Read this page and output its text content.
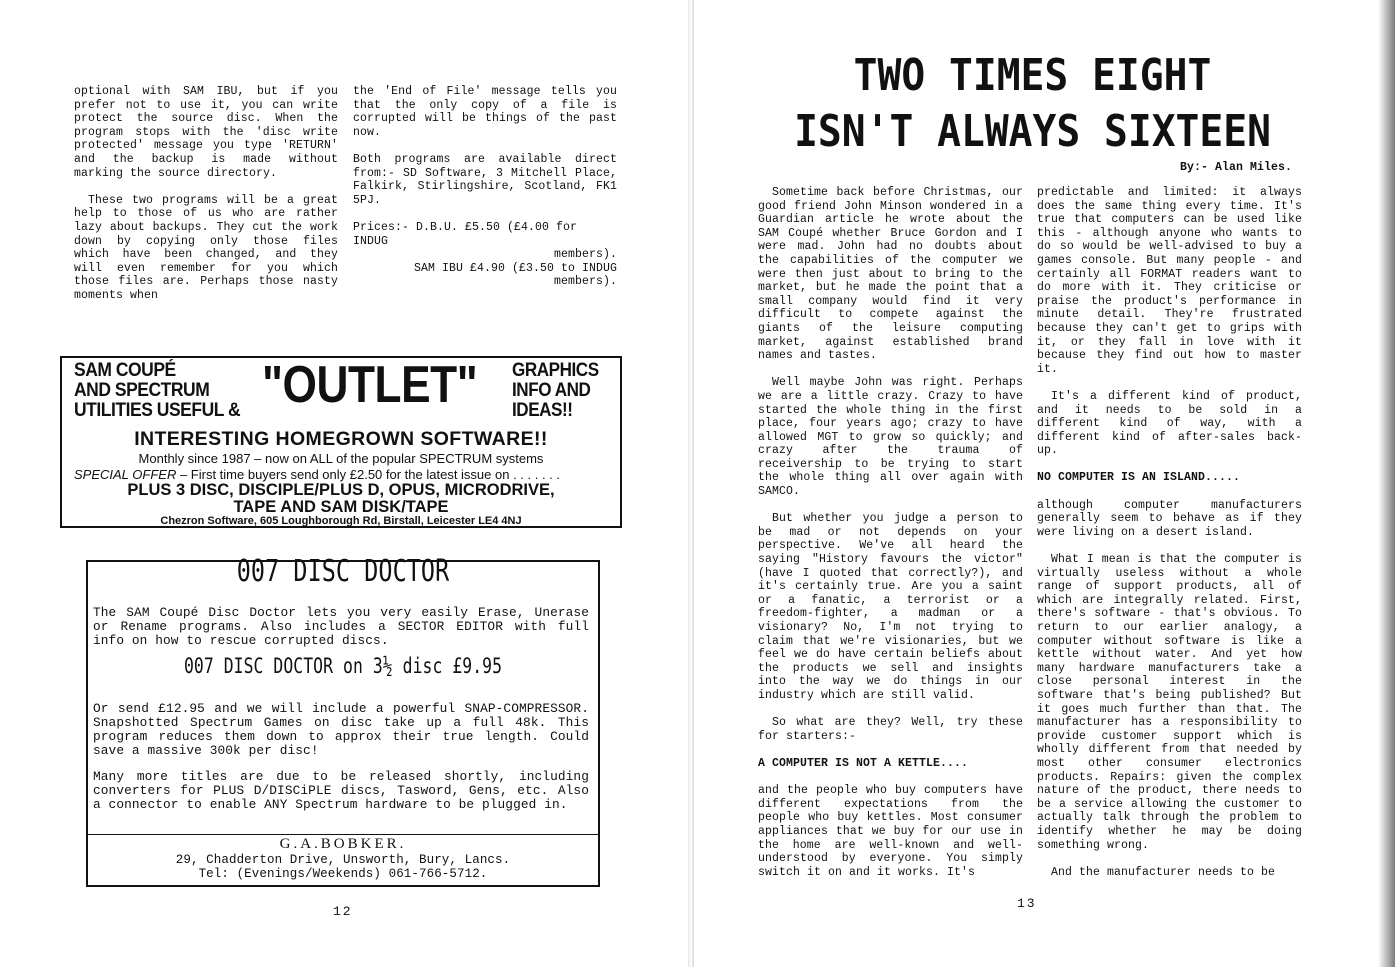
optional with SAM IBU, but if you prefer not to use it, you can write protect the source disc. When the program stops with the 'disc write protected' message you type 'RETURN' and the backup is made without marking the source directory.

These two programs will be a great help to those of us who are rather lazy about backups. They cut the work down by copying only those files which have been changed, and they will even remember for you which those files are. Perhaps those nasty moments when

the 'End of File' message tells you that the only copy of a file is corrupted will be things of the past now.

Both programs are available direct from:- SD Software, 3 Mitchell Place, Falkirk, Stirlingshire, Scotland, FK1 5PJ.

Prices:- D.B.U. £5.50 (£4.00 for INDUG
members).
SAM IBU £4.90 (£3.50 to INDUG
members).
SAM COUPÉ
AND SPECTRUM
UTILITIES USEFUL & "OUTLET" GRAPHICS
INFO AND
IDEAS!!
INTERESTING HOMEGROWN SOFTWARE!!
Monthly since 1987 – now on ALL of the popular SPECTRUM systems
SPECIAL OFFER – First time buyers send only £2.50 for the latest issue on . . . . . . .
PLUS 3 DISC, DISCIPLE/PLUS D, OPUS, MICRODRIVE,
TAPE AND SAM DISK/TAPE
Chezron Software, 605 Loughborough Rd, Birstall, Leicester LE4 4NJ
007 DISC DOCTOR
The SAM Coupé Disc Doctor lets you very easily Erase, Unerase or Rename programs. Also includes a SECTOR EDITOR with full info on how to rescue corrupted discs.
007 DISC DOCTOR on 3½ disc £9.95
Or send £12.95 and we will include a powerful SNAP-COMPRESSOR. Snapshotted Spectrum Games on disc take up a full 48k. This program reduces them down to approx their true length. Could save a massive 300k per disc!
Many more titles are due to be released shortly, including converters for PLUS D/DISCiPLE discs, Tasword, Gens, etc. Also a connector to enable ANY Spectrum hardware to be plugged in.
G.A.BOBKER.
29, Chadderton Drive, Unsworth, Bury, Lancs.
Tel: (Evenings/Weekends) 061-766-5712.
12
TWO TIMES EIGHT
ISN'T ALWAYS SIXTEEN
By:- Alan Miles.

Sometime back before Christmas, our good friend John Minson wondered in a Guardian article he wrote about the SAM Coupé whether Bruce Gordon and I were mad. John had no doubts about the capabilities of the computer we were then just about to bring to the market, but he made the point that a small company would find it very difficult to compete against the giants of the leisure computing market, against established brand names and tastes.

Well maybe John was right. Perhaps we are a little crazy. Crazy to have started the whole thing in the first place, four years ago; crazy to have allowed MGT to grow so quickly; and crazy after the trauma of receivership to be trying to start the whole thing all over again with SAMCO.

But whether you judge a person to be mad or not depends on your perspective. We've all heard the saying "History favours the victor" (have I quoted that correctly?), and it's certainly true. Are you a saint or a fanatic, a terrorist or a freedom-fighter, a madman or a visionary? No, I'm not trying to claim that we're visionaries, but we feel we do have certain beliefs about the products we sell and insights into the way we do things in our industry which are still valid.

So what are they? Well, try these for starters:-

A COMPUTER IS NOT A KETTLE....

and the people who buy computers have different expectations from the people who buy kettles. Most consumer appliances that we buy for our use in the home are well-known and well-understood by everyone. You simply switch it on and it works. It's

predictable and limited: it always does the same thing every time. It's true that computers can be used like this - although anyone who wants to do so would be well-advised to buy a games console. But many people - and certainly all FORMAT readers want to do more with it. They criticise or praise the product's performance in minute detail. They're frustrated because they can't get to grips with it, or they fall in love with it because they find out how to master it.

It's a different kind of product, and it needs to be sold in a different kind of way, with a different kind of after-sales back- up.

NO COMPUTER IS AN ISLAND.....

although computer manufacturers generally seem to behave as if they were living on a desert island.

What I mean is that the computer is virtually useless without a whole range of support products, all of which are integrally related. First, there's software - that's obvious. To return to our earlier analogy, a computer without software is like a kettle without water. And yet how many hardware manufacturers take a close personal interest in the software that's being published? But it goes much further than that. The manufacturer has a responsibility to provide customer support which is wholly different from that needed by most other consumer electronics products. Repairs: given the complex nature of the product, there needs to be a service allowing the customer to actually talk through the problem to identify whether he may be doing something wrong.

And the manufacturer needs to be

13
